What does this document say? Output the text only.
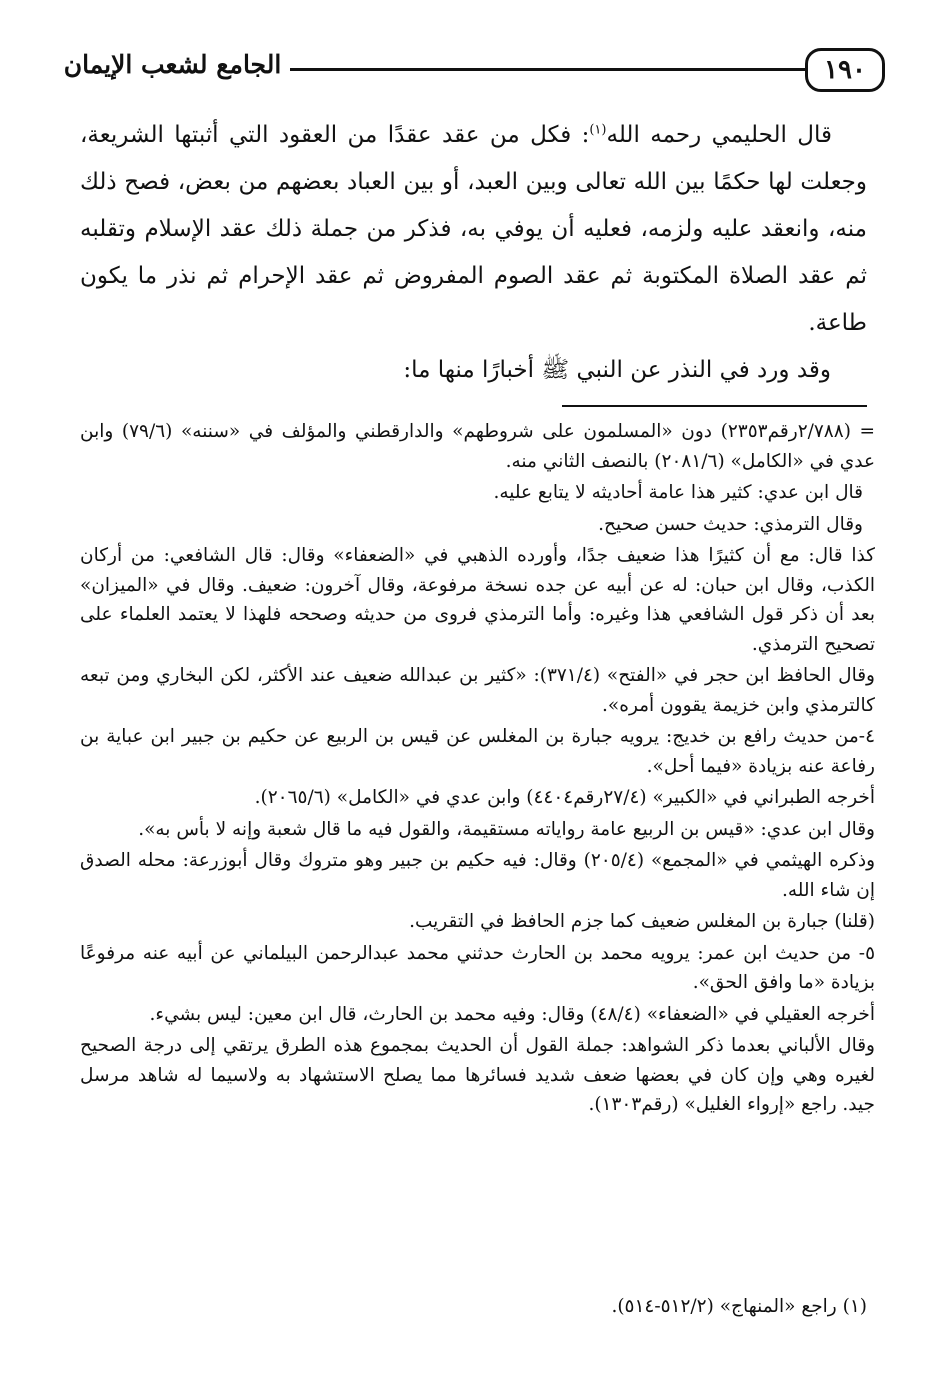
١٩٠
الجامع لشعب الإيمان

قال الحليمي رحمه الله$^{(١)}$: فكل من عقد عقدًا من العقود التي أثبتها الشريعة، وجعلت لها حكمًا بين الله تعالى وبين العبد، أو بين العباد بعضهم من بعض، فصح ذلك منه، وانعقد عليه ولزمه، فعليه أن يوفي به، فذكر من جملة ذلك عقد الإسلام وتقلبه ثم عقد الصلاة المكتوبة ثم عقد الصوم المفروض ثم عقد الإحرام ثم نذر ما يكون طاعة.

وقد ورد في النذر عن النبي ﷺ أخبارًا منها ما:

= (٢/٧٨٨رقم٢٣٥٣) دون «المسلمون على شروطهم» والدارقطني والمؤلف في «سننه» (٧٩/٦) وابن عدي في «الكامل» (٢٠٨١/٦) بالنصف الثاني منه.

قال ابن عدي: كثير هذا عامة أحاديثه لا يتابع عليه.

وقال الترمذي: حديث حسن صحيح.

كذا قال: مع أن كثيرًا هذا ضعيف جدًا، وأورده الذهبي في «الضعفاء» وقال: قال الشافعي: من أركان الكذب، وقال ابن حبان: له عن أبيه عن جده نسخة مرفوعة، وقال آخرون: ضعيف. وقال في «الميزان» بعد أن ذكر قول الشافعي هذا وغيره: وأما الترمذي فروى من حديثه وصححه فلهذا لا يعتمد العلماء على تصحيح الترمذي.

وقال الحافظ ابن حجر في «الفتح» (٣٧١/٤): «كثير بن عبدالله ضعيف عند الأكثر، لكن البخاري ومن تبعه كالترمذي وابن خزيمة يقوون أمره».

٤-من حديث رافع بن خديج: يرويه جبارة بن المغلس عن قيس بن الربيع عن حكيم بن جبير ابن عباية بن رفاعة عنه بزيادة «فيما أحل».

أخرجه الطبراني في «الكبير» (٢٧/٤رقم٤٤٠٤) وابن عدي في «الكامل» (٢٠٦٥/٦).

وقال ابن عدي: «قيس بن الربيع عامة رواياته مستقيمة، والقول فيه ما قال شعبة وإنه لا بأس به».

وذكره الهيثمي في «المجمع» (٢٠٥/٤) وقال: فيه حكيم بن جبير وهو متروك وقال أبوزرعة: محله الصدق إن شاء الله.

(قلنا) جبارة بن المغلس ضعيف كما جزم الحافظ في التقريب.

٥- من حديث ابن عمر: يرويه محمد بن الحارث حدثني محمد عبدالرحمن البيلماني عن أبيه عنه مرفوعًا بزيادة «ما وافق الحق».

أخرجه العقيلي في «الضعفاء» (٤٨/٤) وقال: وفيه محمد بن الحارث، قال ابن معين: ليس بشيء.

وقال الألباني بعدما ذكر الشواهد: جملة القول أن الحديث بمجموع هذه الطرق يرتقي إلى درجة الصحيح لغيره وهي وإن كان في بعضها ضعف شديد فسائرها مما يصلح الاستشهاد به ولاسيما له شاهد مرسل جيد. راجع «إرواء الغليل» (رقم١٣٠٣).

(١) راجع «المنهاج» (٥١٢/٢-٥١٤).
